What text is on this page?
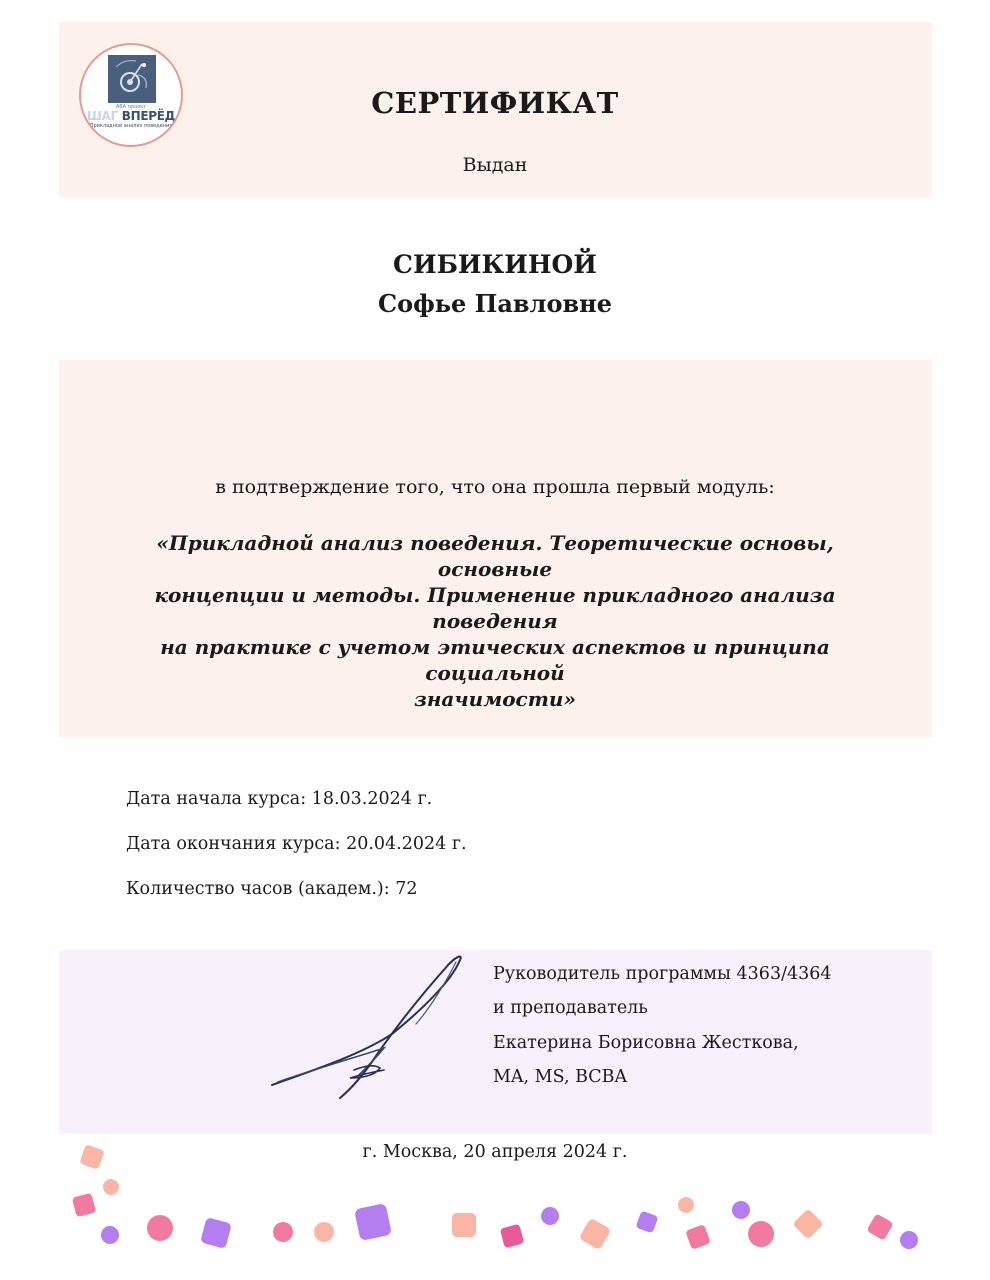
ABA проект
ШАГ ВПЕРЁД
Прикладной анализ поведения
СЕРТИФИКАТ
Выдан
СИБИКИНОЙ
Софье Павловне
в подтверждение того, что она прошла первый модуль:
«Прикладной анализ поведения. Теоретические основы, основные
концепции и методы. Применение прикладного анализа поведения
на практике с учетом этических аспектов и принципа социальной
значимости»
Дата начала курса: 18.03.2024 г.
Дата окончания курса: 20.04.2024 г.
Количество часов (академ.): 72
Руководитель программы 4363/4364
и преподаватель
Екатерина Борисовна Жесткова,
MA, MS, BCBA
г. Москва, 20 апреля 2024 г.
